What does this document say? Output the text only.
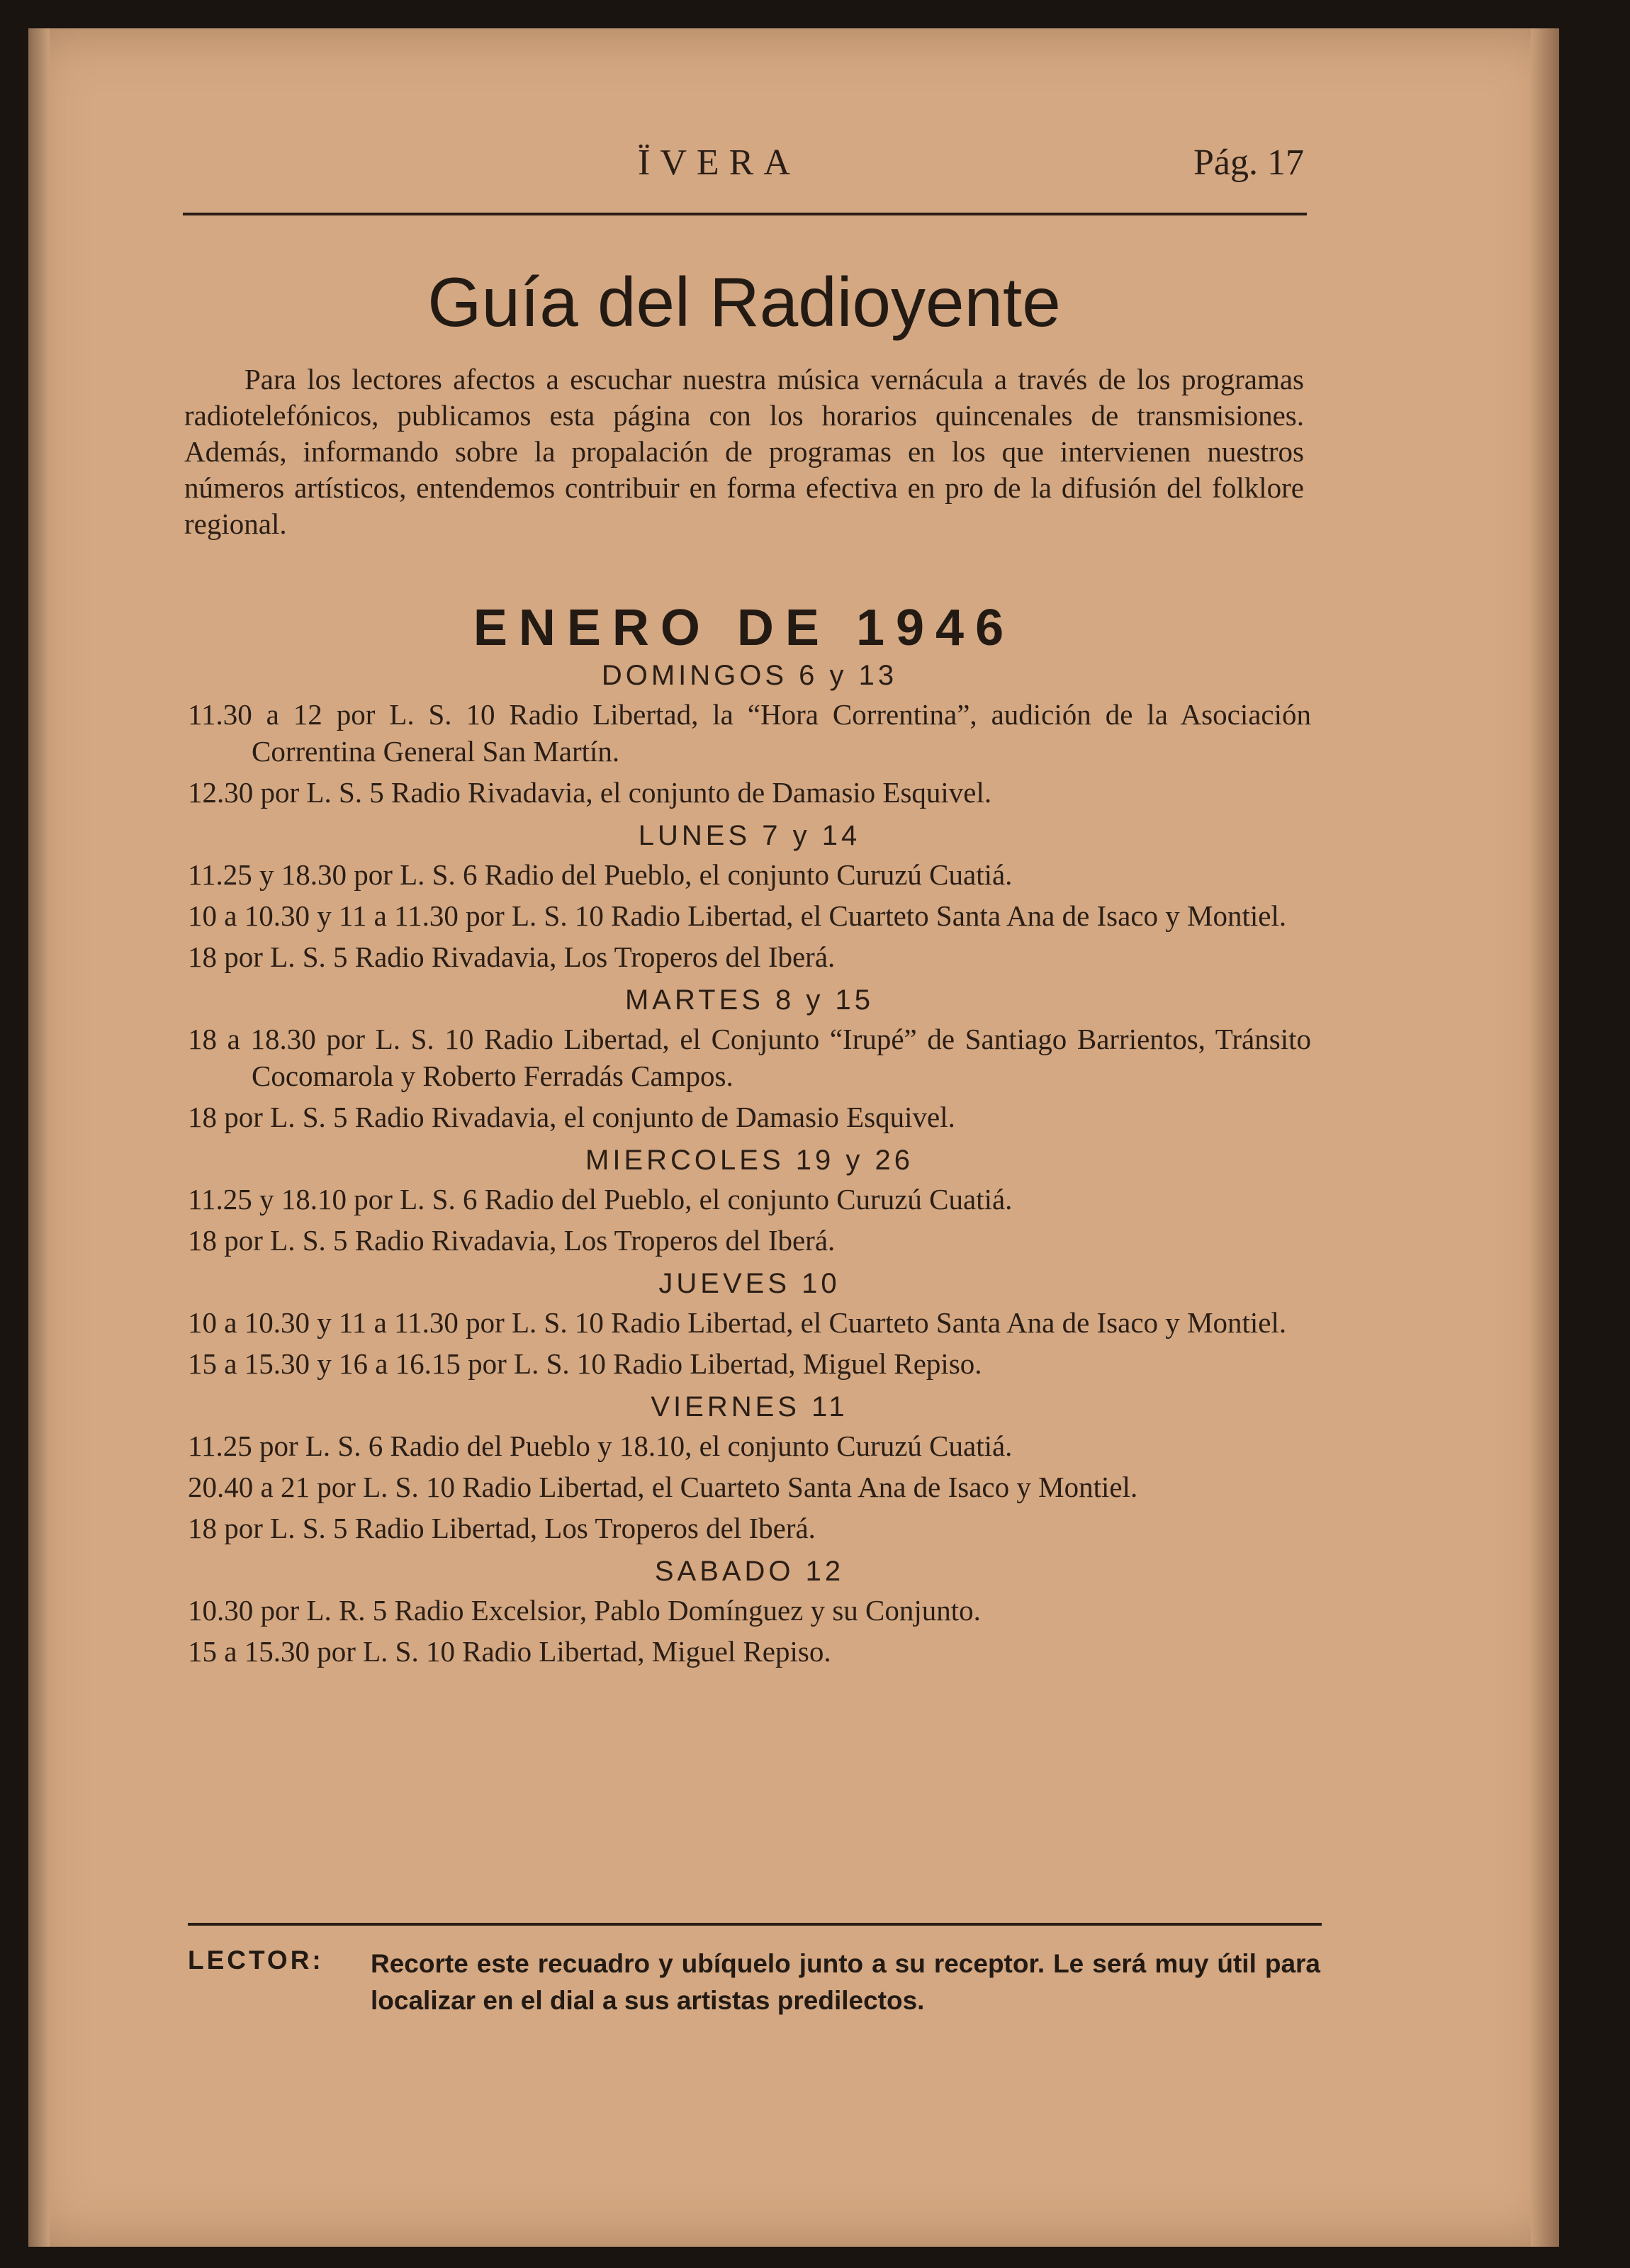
ÏVERA	Pág. 17
Guía del Radioyente
Para los lectores afectos a escuchar nuestra música vernácula a través de los programas radiotelefónicos, publicamos esta página con los horarios quincenales de transmisiones. Además, informando sobre la propalación de programas en los que intervienen nuestros números artísticos, entendemos contribuir en forma efectiva en pro de la difusión del folklore regional.
ENERO DE 1946
DOMINGOS 6 y 13
11.30 a 12 por L. S. 10 Radio Libertad, la “Hora Correntina”, audición de la Asociación Correntina General San Martín.
12.30 por L. S. 5 Radio Rivadavia, el conjunto de Damasio Esquivel.
LUNES 7 y 14
11.25 y 18.30 por L. S. 6 Radio del Pueblo, el conjunto Curuzú Cuatiá.
10 a 10.30 y 11 a 11.30 por L. S. 10 Radio Libertad, el Cuarteto Santa Ana de Isaco y Montiel.
18 por L. S. 5 Radio Rivadavia, Los Troperos del Iberá.
MARTES 8 y 15
18 a 18.30 por L. S. 10 Radio Libertad, el Conjunto “Irupé” de Santiago Barrientos, Tránsito Cocomarola y Roberto Ferradás Campos.
18 por L. S. 5 Radio Rivadavia, el conjunto de Damasio Esquivel.
MIERCOLES 19 y 26
11.25 y 18.10 por L. S. 6 Radio del Pueblo, el conjunto Curuzú Cuatiá.
18 por L. S. 5 Radio Rivadavia, Los Troperos del Iberá.
JUEVES 10
10 a 10.30 y 11 a 11.30 por L. S. 10 Radio Libertad, el Cuarteto Santa Ana de Isaco y Montiel.
15 a 15.30 y 16 a 16.15 por L. S. 10 Radio Libertad, Miguel Repiso.
VIERNES 11
11.25 por L. S. 6 Radio del Pueblo y 18.10, el conjunto Curuzú Cuatiá.
20.40 a 21 por L. S. 10 Radio Libertad, el Cuarteto Santa Ana de Isaco y Montiel.
18 por L. S. 5 Radio Libertad, Los Troperos del Iberá.
SABADO 12
10.30 por L. R. 5 Radio Excelsior, Pablo Domínguez y su Conjunto.
15 a 15.30 por L. S. 10 Radio Libertad, Miguel Repiso.
LECTOR: Recorte este recuadro y ubíquelo junto a su receptor. Le será muy útil para localizar en el dial a sus artistas predilectos.
